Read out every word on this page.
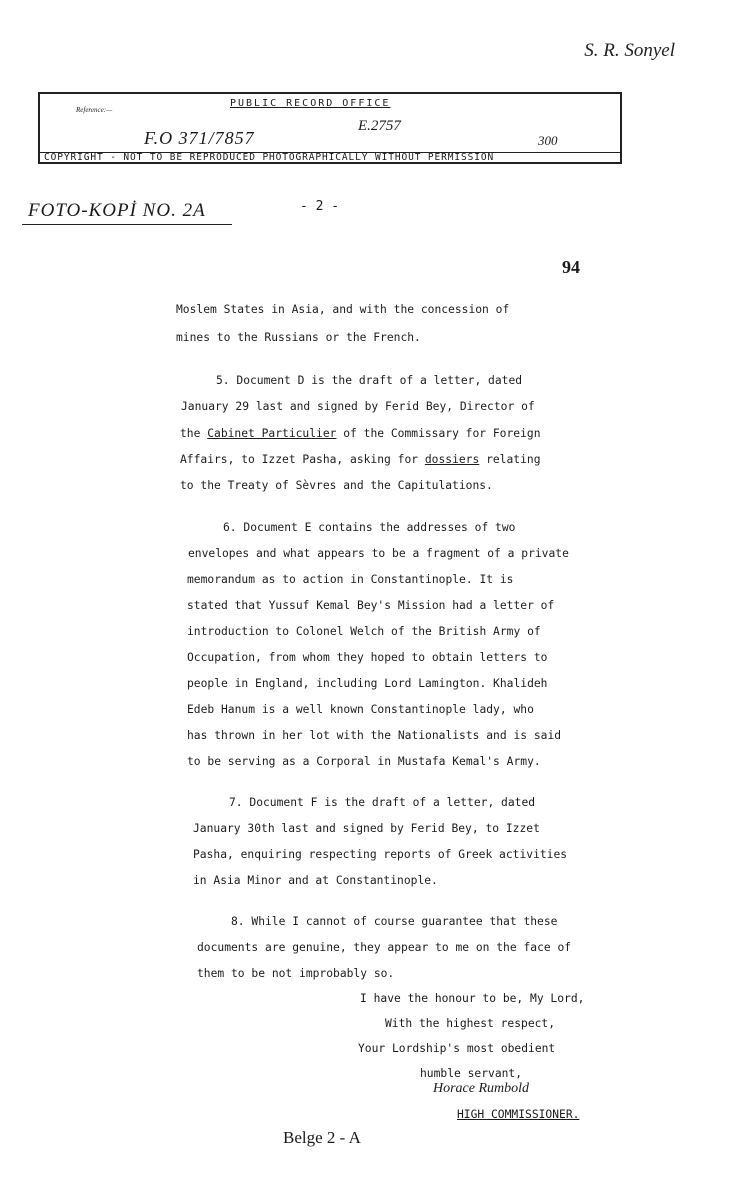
S. R. Sonyel
PUBLIC RECORD OFFICE
Reference:—
F.O 371/7857
E.2757
300
COPYRIGHT - NOT TO BE REPRODUCED PHOTOGRAPHICALLY WITHOUT PERMISSION
FOTO-KOPİ NO. 2A	- 2 -
94
Moslem States in Asia, and with the concession of
mines to the Russians or the French.
5. Document D is the draft of a letter, dated
January 29 last and signed by Ferid Bey, Director of
the Cabinet Particulier of the Commissary for Foreign
Affairs, to Izzet Pasha, asking for dossiers relating
to the Treaty of Sèvres and the Capitulations.
6. Document E contains the addresses of two
envelopes and what appears to be a fragment of a private
memorandum as to action in Constantinople. It is
stated that Yussuf Kemal Bey's Mission had a letter of
introduction to Colonel Welch of the British Army of
Occupation, from whom they hoped to obtain letters to
people in England, including Lord Lamington. Khalideh
Edeb Hanum is a well known Constantinople lady, who
has thrown in her lot with the Nationalists and is said
to be serving as a Corporal in Mustafa Kemal's Army.
7. Document F is the draft of a letter, dated
January 30th last and signed by Ferid Bey, to Izzet
Pasha, enquiring respecting reports of Greek activities
in Asia Minor and at Constantinople.
8. While I cannot of course guarantee that these
documents are genuine, they appear to me on the face of
them to be not improbably so.
I have the honour to be, My Lord,
With the highest respect,
Your Lordship's most obedient
humble servant,
Horace Rumbold
HIGH COMMISSIONER.
Belge 2 - A
